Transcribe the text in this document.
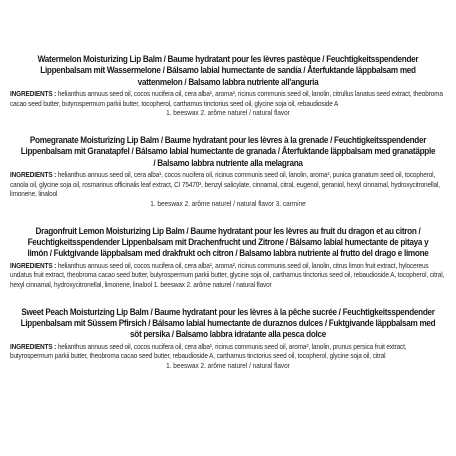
Watermelon Moisturizing Lip Balm / Baume hydratant pour les lèvres pastèque / Feuchtigkeitsspendender Lippenbalsam mit Wassermelone / Bálsamo labial humectante de sandía / Återfuktande läppbalsam med vattenmelon / Balsamo labbra nutriente all'anguria
INGREDIENTS : helianthus annuus seed oil, cocos nucifera oil, cera alba¹, aroma², ricinus communis seed oil, lanolin, citrullus lanatus seed extract, theobroma cacao seed butter, butyrospermum parkii butter, tocopherol, carthamus tinctorius seed oil, glycine soja oil, rebaudioside A
1. beeswax 2. arôme naturel / natural flavor
Pomegranate Moisturizing Lip Balm / Baume hydratant pour les lèvres à la grenade / Feuchtigkeitsspendender Lippenbalsam mit Granatapfel / Bálsamo labial humectante de granada / Återfuktande läppbalsam med granatäpple / Balsamo labbra nutriente alla melagrana
INGREDIENTS : helianthus annuus seed oil, cera alba¹, cocos nucifera oil, ricinus communis seed oil, lanolin, aroma², punica granatum seed oil, tocopherol, canola oil, glycine soja oil, rosmarinus officinalis leaf extract, CI 75470³, benzyl salicylate, cinnamal, citral, eugenol, geraniol, hexyl cinnamal, hydroxycitronellal, limonene, linalool
1. beeswax 2. arôme naturel / natural flavor 3. carmine
Dragonfruit Lemon Moisturizing Lip Balm / Baume hydratant pour les lèvres au fruit du dragon et au citron / Feuchtigkeitsspendender Lippenbalsam mit Drachenfrucht und Zitrone / Bálsamo labial humectante de pitaya y limón / Fuktgivande läppbalsam med drakfrukt och citron / Balsamo labbra nutriente al frutto del drago e limone
INGREDIENTS : helianthus annuus seed oil, cocos nucifera oil, cera alba¹, aroma², ricinus communis seed oil, lanolin, citrus limon fruit extract, hylocereus undatus fruit extract, theobroma cacao seed butter, butyrospermum parkii butter, glycine soja oil, carthamus tinctorius seed oil, rebaudioside A, tocopherol, citral, hexyl cinnamal, hydroxycitronellal, limonene, linalool 1. beeswax 2. arôme naturel / natural flavor
Sweet Peach Moisturizing Lip Balm / Baume hydratant pour les lèvres à la pêche sucrée / Feuchtigkeitsspendender Lippenbalsam mit Süssem Pfirsich / Bálsamo labial humectante de duraznos dulces / Fuktgivande läppbalsam med söt persika / Balsamo labbra idratante alla pesca dolce
INGREDIENTS : helianthus annuus seed oil, cocos nucifera oil, cera alba¹, ricinus communis seed oil, aroma², lanolin, prunus persica fruit extract, butyrospermum parkii butter, theobroma cacao seed butter, rebaudioside A, carthamus tinctorius seed oil, tocopherol, glycine soja oil, citral
1. beeswax 2. arôme naturel / natural flavor
